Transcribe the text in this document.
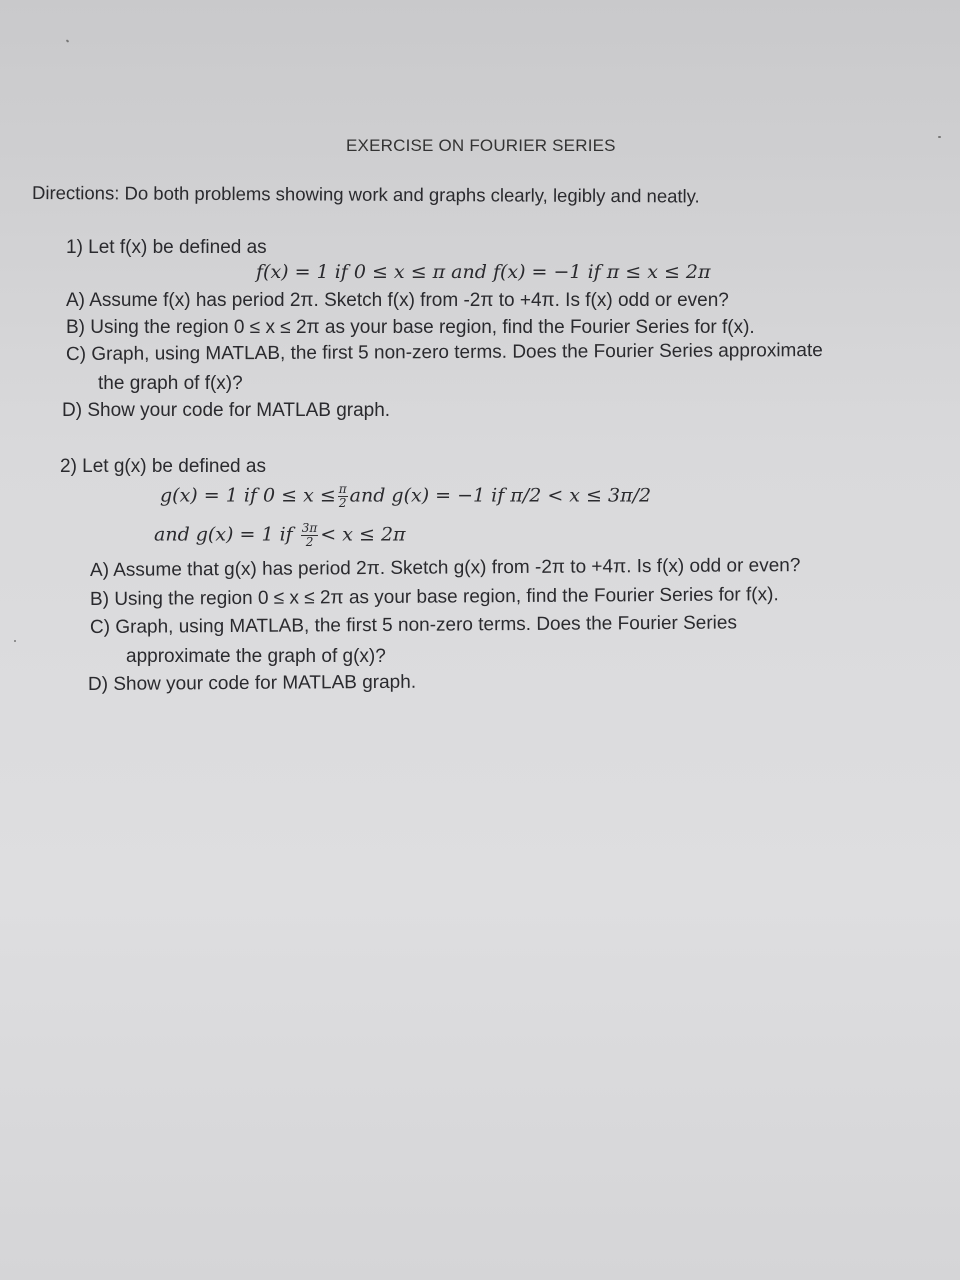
EXERCISE ON FOURIER SERIES
Directions: Do both problems showing work and graphs clearly, legibly and neatly.
1) Let f(x) be defined as
f(x) = 1 if 0 ≤ x ≤ π and f(x) = −1 if π ≤ x ≤ 2π
A) Assume f(x) has period 2π. Sketch f(x) from -2π to +4π. Is f(x) odd or even?
B) Using the region 0 ≤ x ≤ 2π as your base region, find the Fourier Series for f(x).
C) Graph, using MATLAB, the first 5 non-zero terms. Does the Fourier Series approximate
the graph of f(x)?
D) Show your code for MATLAB graph.
2) Let g(x) be defined as
g(x) = 1 if $0 \le x \le \frac{\pi}{2}$ and g(x) = −1 if π/2 < x ≤ 3π/2
and g(x) = 1 if $\frac{3\pi}{2} < x \le 2\pi$
A) Assume that g(x) has period 2π. Sketch g(x) from -2π to +4π. Is f(x) odd or even?
B) Using the region 0 ≤ x ≤ 2π as your base region, find the Fourier Series for f(x).
C) Graph, using MATLAB, the first 5 non-zero terms. Does the Fourier Series
approximate the graph of g(x)?
D) Show your code for MATLAB graph.
